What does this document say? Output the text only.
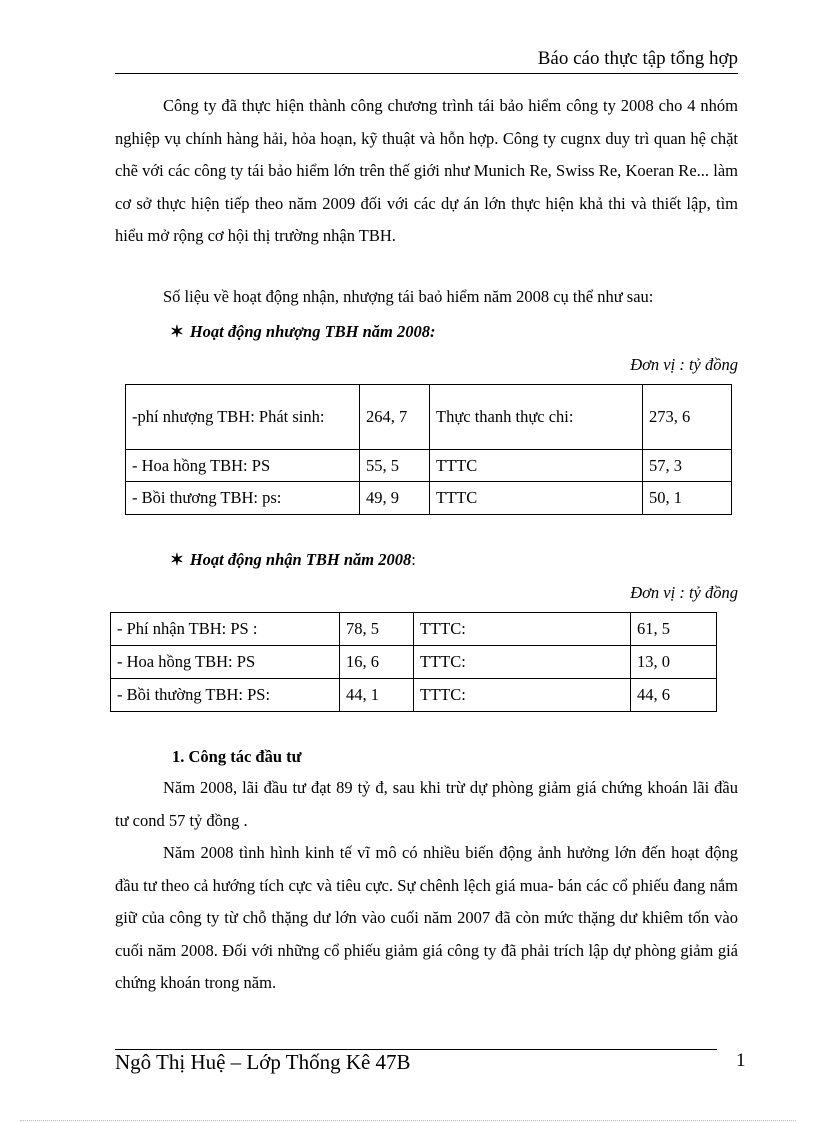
Báo cáo thực tập tổng hợp

Công ty đã thực hiện thành công chương trình tái bảo hiểm công ty 2008 cho 4 nhóm nghiệp vụ chính hàng hải, hỏa hoạn, kỹ thuật và hỗn hợp. Công ty cugnx duy trì quan hệ chặt chẽ với các công ty tái bảo hiểm lớn trên thế giới như Munich Re, Swiss Re, Koeran Re... làm cơ sở thực hiện tiếp theo năm 2009 đối với các dự án lớn thực hiện khả thi và thiết lập, tìm hiểu mở rộng cơ hội thị trường nhận TBH.

Số liệu về hoạt động nhận, nhượng tái baỏ hiểm năm 2008 cụ thể như sau:

✶ Hoạt động nhượng TBH năm 2008:
Đơn vị : tỷ đồng
-phí nhượng TBH: Phát sinh:	264, 7	Thực thanh thực chi:	273, 6
- Hoa hồng TBH: PS	55, 5	TTTC	57, 3
- Bồi thương TBH: ps:	49, 9	TTTC	50, 1
✶ Hoạt động nhận TBH năm 2008:
Đơn vị : tỷ đồng
- Phí nhận TBH: PS :	78, 5	TTTC:	61, 5
- Hoa hồng TBH: PS	16, 6	TTTC:	13, 0
- Bồi thường TBH: PS:	44, 1	TTTC:	44, 6
1. Công tác đầu tư

Năm 2008, lãi đầu tư đạt 89 tỷ đ, sau khi trừ dự phòng giảm giá chứng khoán lãi đầu tư cond 57 tỷ đồng .

Năm 2008 tình hình kinh tế vĩ mô có nhiều biến động ảnh hưởng lớn đến hoạt động đầu tư theo cả hướng tích cực và tiêu cực. Sự chênh lệch giá mua- bán các cổ phiếu đang nắm giữ của công ty từ chỗ thặng dư lớn vào cuối năm 2007 đã còn mức thặng dư khiêm tốn vào cuối năm 2008. Đối với những cổ phiếu giảm giá công ty đã phải trích lập dự phòng giảm giá chứng khoán trong năm.

Ngô Thị Huệ – Lớp Thống Kê 47B	1
